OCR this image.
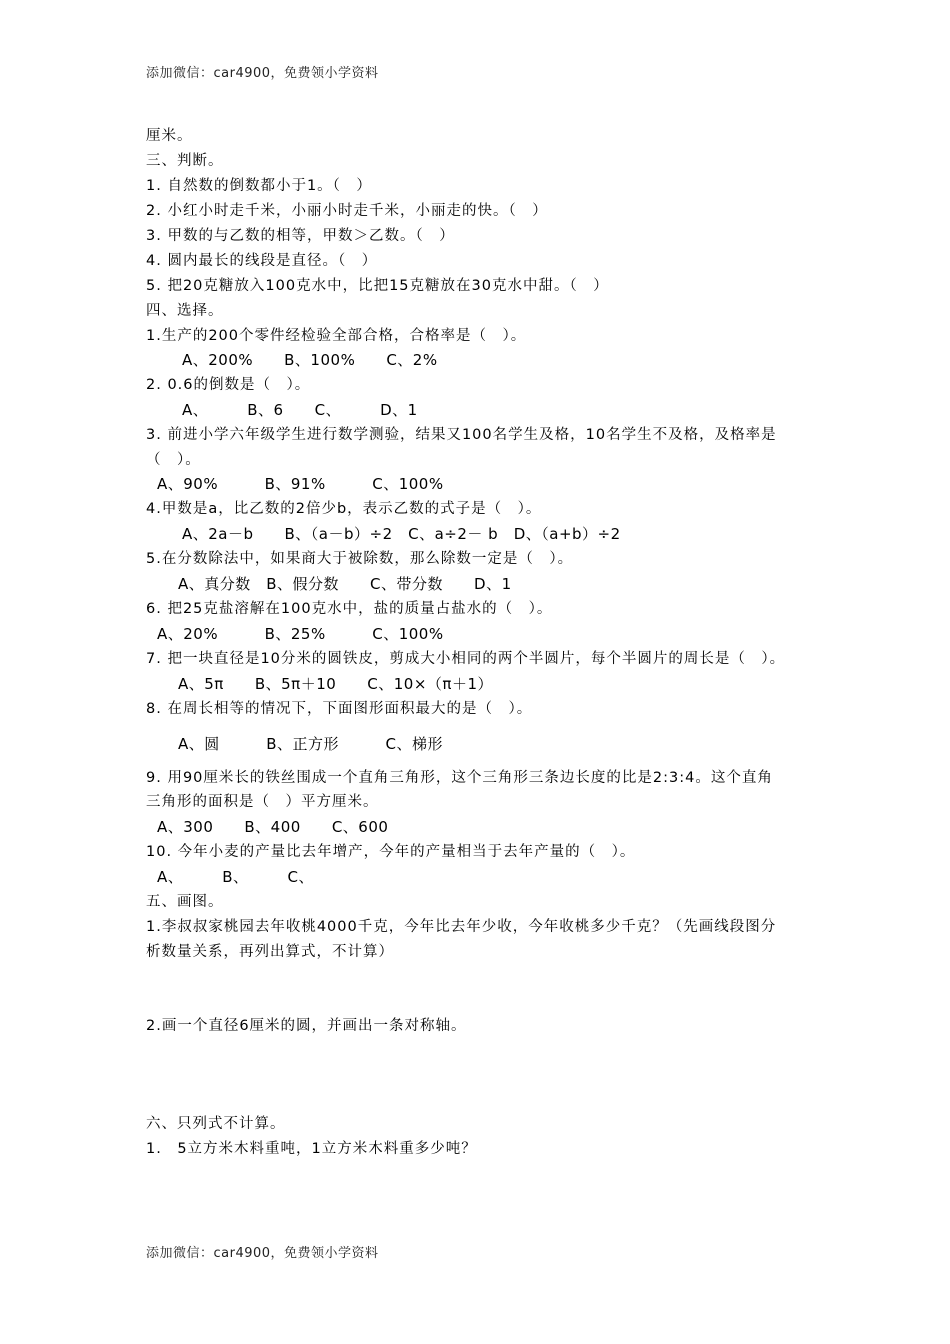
添加微信：car4900，免费领小学资料
厘米。
三、判断。
1. 自然数的倒数都小于1。（　）
2. 小红小时走千米，小丽小时走千米，小丽走的快。（　）
3. 甲数的与乙数的相等，甲数＞乙数。（　）
4. 圆内最长的线段是直径。（　）
5. 把20克糖放入100克水中，比把15克糖放在30克水中甜。（　）
四、选择。
1.生产的200个零件经检验全部合格，合格率是（　）。
A、200%　　B、100%　　C、2%
2. 0.6的倒数是（　）。
A、　　　B、6　　C、　　　D、1
3. 前进小学六年级学生进行数学测验，结果又100名学生及格，10名学生不及格，及格率是
（　）。
A、90%　　　B、91%　　　C、100%
4.甲数是a，比乙数的2倍少b，表示乙数的式子是（　）。
A、2a－b　　B、（a－b）÷2　C、a÷2－ b　D、（a+b）÷2
5.在分数除法中，如果商大于被除数，那么除数一定是（　）。
A、真分数　B、假分数　　C、带分数　　D、1
6. 把25克盐溶解在100克水中，盐的质量占盐水的（　）。
A、20%　　　B、25%　　　C、100%
7. 把一块直径是10分米的圆铁皮，剪成大小相同的两个半圆片，每个半圆片的周长是（　）。
A、5π　　B、5π＋10　　C、10×（π＋1）
8. 在周长相等的情况下，下面图形面积最大的是（　）。
A、圆　　　B、正方形　　　C、梯形
9. 用90厘米长的铁丝围成一个直角三角形，这个三角形三条边长度的比是2:3:4。这个直角
三角形的面积是（　）平方厘米。
A、300　　B、400　　C、600
10. 今年小麦的产量比去年增产，今年的产量相当于去年产量的（　）。
A、　　　B、　　　C、
五、画图。
1.李叔叔家桃园去年收桃4000千克，今年比去年少收，今年收桃多少千克？（先画线段图分
析数量关系，再列出算式，不计算）
2.画一个直径6厘米的圆，并画出一条对称轴。
六、只列式不计算。
1.　5立方米木料重吨，1立方米木料重多少吨？
添加微信：car4900，免费领小学资料
